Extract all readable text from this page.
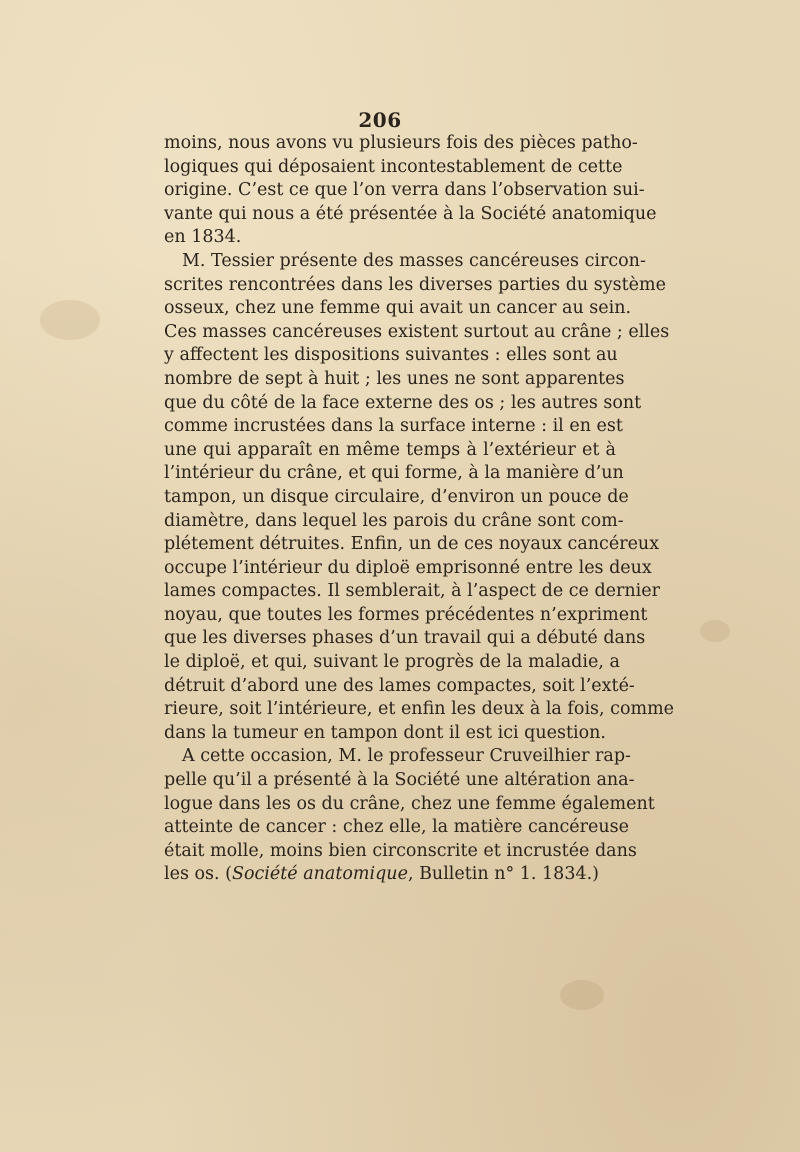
206
moins, nous avons vu plusieurs fois des pièces patho-
logiques qui déposaient incontestablement de cette
origine. C’est ce que l’on verra dans l’observation sui-
vante qui nous a été présentée à la Société anatomique
en 1834.
M. Tessier présente des masses cancéreuses circon-
scrites rencontrées dans les diverses parties du système
osseux, chez une femme qui avait un cancer au sein.
Ces masses cancéreuses existent surtout au crâne ; elles
y affectent les dispositions suivantes : elles sont au
nombre de sept à huit ; les unes ne sont apparentes
que du côté de la face externe des os ; les autres sont
comme incrustées dans la surface interne : il en est
une qui apparaît en même temps à l’extérieur et à
l’intérieur du crâne, et qui forme, à la manière d’un
tampon, un disque circulaire, d’environ un pouce de
diamètre, dans lequel les parois du crâne sont com-
plétement détruites. Enfin, un de ces noyaux cancéreux
occupe l’intérieur du diploë emprisonné entre les deux
lames compactes. Il semblerait, à l’aspect de ce dernier
noyau, que toutes les formes précédentes n’expriment
que les diverses phases d’un travail qui a débuté dans
le diploë, et qui, suivant le progrès de la maladie, a
détruit d’abord une des lames compactes, soit l’exté-
rieure, soit l’intérieure, et enfin les deux à la fois, comme
dans la tumeur en tampon dont il est ici question.
A cette occasion, M. le professeur Cruveilhier rap-
pelle qu’il a présenté à la Société une altération ana-
logue dans les os du crâne, chez une femme également
atteinte de cancer : chez elle, la matière cancéreuse
était molle, moins bien circonscrite et incrustée dans
les os. (Société anatomique, Bulletin n° 1. 1834.)
